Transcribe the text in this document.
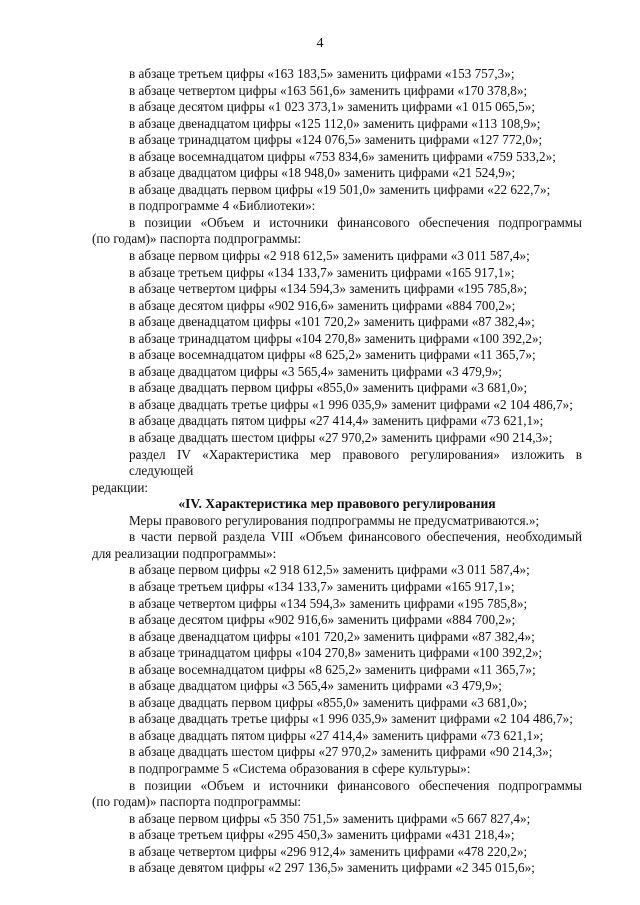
4

в абзаце третьем цифры «163 183,5» заменить цифрами «153 757,3»;

в абзаце четвертом цифры «163 561,6» заменить цифрами «170 378,8»;

в абзаце десятом цифры «1 023 373,1» заменить цифрами «1 015 065,5»;

в абзаце двенадцатом цифры «125 112,0» заменить цифрами «113 108,9»;

в абзаце тринадцатом цифры «124 076,5» заменить цифрами «127 772,0»;

в абзаце восемнадцатом цифры «753 834,6» заменить цифрами «759 533,2»;

в абзаце двадцатом цифры «18 948,0» заменить цифрами «21 524,9»;

в абзаце двадцать первом цифры «19 501,0» заменить цифрами «22 622,7»;

в подпрограмме 4 «Библиотеки»:

в позиции «Объем и источники финансового обеспечения подпрограммы

(по годам)» паспорта подпрограммы:

в абзаце первом цифры «2 918 612,5» заменить цифрами «3 011 587,4»;

в абзаце третьем цифры «134 133,7» заменить цифрами «165 917,1»;

в абзаце четвертом цифры «134 594,3» заменить цифрами «195 785,8»;

в абзаце десятом цифры «902 916,6» заменить цифрами «884 700,2»;

в абзаце двенадцатом цифры «101 720,2» заменить цифрами «87 382,4»;

в абзаце тринадцатом цифры «104 270,8» заменить цифрами «100 392,2»;

в абзаце восемнадцатом цифры «8 625,2» заменить цифрами «11 365,7»;

в абзаце двадцатом цифры «3 565,4» заменить цифрами «3 479,9»;

в абзаце двадцать первом цифры «855,0» заменить цифрами «3 681,0»;

в абзаце двадцать третье цифры «1 996 035,9» заменит цифрами «2 104 486,7»;

в абзаце двадцать пятом цифры «27 414,4» заменить цифрами «73 621,1»;

в абзаце двадцать шестом цифры «27 970,2» заменить цифрами «90 214,3»;

раздел IV «Характеристика мер правового регулирования» изложить в следующей

редакции:

«IV. Характеристика мер правового регулирования

Меры правового регулирования подпрограммы не предусматриваются.»;

в части первой раздела VIII «Объем финансового обеспечения, необходимый

для реализации подпрограммы»:

в абзаце первом цифры «2 918 612,5» заменить цифрами «3 011 587,4»;

в абзаце третьем цифры «134 133,7» заменить цифрами «165 917,1»;

в абзаце четвертом цифры «134 594,3» заменить цифрами «195 785,8»;

в абзаце десятом цифры «902 916,6» заменить цифрами «884 700,2»;

в абзаце двенадцатом цифры «101 720,2» заменить цифрами «87 382,4»;

в абзаце тринадцатом цифры «104 270,8» заменить цифрами «100 392,2»;

в абзаце восемнадцатом цифры «8 625,2» заменить цифрами «11 365,7»;

в абзаце двадцатом цифры «3 565,4» заменить цифрами «3 479,9»;

в абзаце двадцать первом цифры «855,0» заменить цифрами «3 681,0»;

в абзаце двадцать третье цифры «1 996 035,9» заменит цифрами «2 104 486,7»;

в абзаце двадцать пятом цифры «27 414,4» заменить цифрами «73 621,1»;

в абзаце двадцать шестом цифры «27 970,2» заменить цифрами «90 214,3»;

в подпрограмме 5 «Система образования в сфере культуры»:

в позиции «Объем и источники финансового обеспечения подпрограммы

(по годам)» паспорта подпрограммы:

в абзаце первом цифры «5 350 751,5» заменить цифрами «5 667 827,4»;

в абзаце третьем цифры «295 450,3» заменить цифрами «431 218,4»;

в абзаце четвертом цифры «296 912,4» заменить цифрами «478 220,2»;

в абзаце девятом цифры «2 297 136,5» заменить цифрами «2 345 015,6»;
